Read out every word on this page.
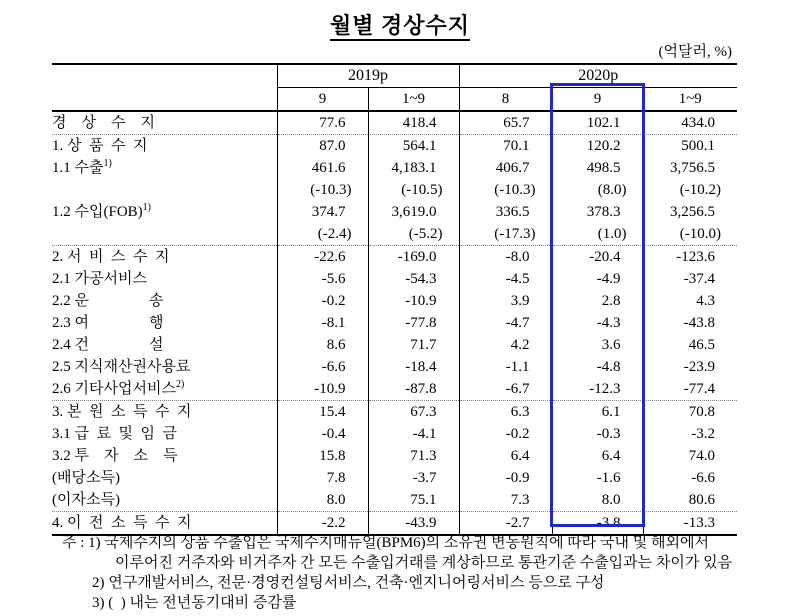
월별 경상수지
(억달러, %)
	2019p		2020p		
	9	1~9	8	9	1~9
경    상    수    지	77.6	418.4	65.7	102.1	434.0
1. 상  품  수  지	87.0	564.1	70.1	120.2	500.1
1.1 수출$^{1)}$	461.6	4,183.1	406.7	498.5	3,756.5
	(-10.3)	(-10.5)	(-10.3)	(8.0)	(-10.2)
1.2 수입(FOB)$^{1)}$	374.7	3,619.0	336.5	378.3	3,256.5
	(-2.4)	(-5.2)	(-17.3)	(1.0)	(-10.0)
2. 서  비  스  수  지	-22.6	-169.0	-8.0	-20.4	-123.6
2.1 가공서비스	-5.6	-54.3	-4.5	-4.9	-37.4
2.2 운                송	-0.2	-10.9	3.9	2.8	4.3
2.3 여                행	-8.1	-77.8	-4.7	-4.3	-43.8
2.4 건                설	8.6	71.7	4.2	3.6	46.5
2.5 지식재산권사용료	-6.6	-18.4	-1.1	-4.8	-23.9
2.6 기타사업서비스$^{2)}$	-10.9	-87.8	-6.7	-12.3	-77.4
3. 본  원  소  득  수  지	15.4	67.3	6.3	6.1	70.8
3.1 급  료  및  임  금	-0.4	-4.1	-0.2	-0.3	-3.2
3.2 투    자    소    득	15.8	71.3	6.4	6.4	74.0
(배당소득)	7.8	-3.7	-0.9	-1.6	-6.6
(이자소득)	8.0	75.1	7.3	8.0	80.6
4. 이  전  소  득  수  지	-2.2	-43.9	-2.7	-3.8	-13.3
주 : 1) 국제수지의 상품 수출입은 국제수지매뉴얼(BPM6)의 소유권 변동원칙에 따라 국내 및 해외에서
이루어진 거주자와 비거주자 간 모든 수출입거래를 계상하므로 통관기준 수출입과는 차이가 있음
2) 연구개발서비스, 전문·경영컨설팅서비스, 건축·엔지니어링서비스 등으로 구성
3) (  ) 내는 전년동기대비 증감률
